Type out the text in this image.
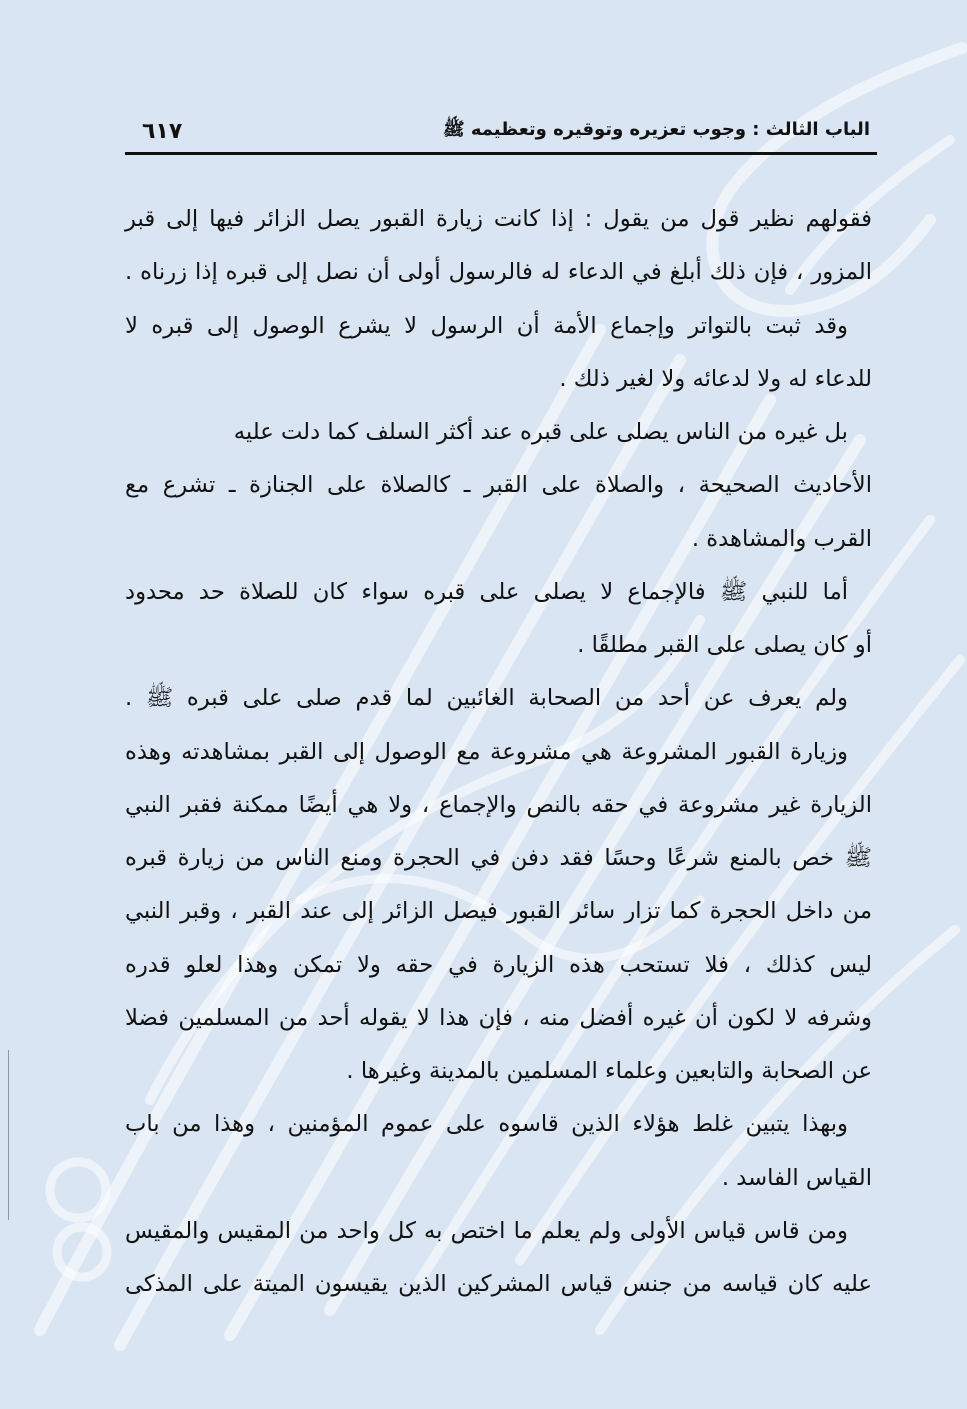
الباب الثالث : وجوب تعزيره وتوقيره وتعظيمه ﷺ
٦١٧
فقولهم نظير قول من يقول : إذا كانت زيارة القبور يصل الزائر فيها إلى قبر
المزور ، فإن ذلك أبلغ في الدعاء له فالرسول أولى أن نصل إلى قبره إذا زرناه .
وقد ثبت بالتواتر وإجماع الأمة أن الرسول لا يشرع الوصول إلى قبره لا
للدعاء له ولا لدعائه ولا لغير ذلك .
بل غيره من الناس يصلى على قبره عند أكثر السلف كما دلت عليه
الأحاديث الصحيحة ، والصلاة على القبر ـ كالصلاة على الجنازة ـ تشرع مع
القرب والمشاهدة .
أما للنبي ﷺ فالإجماع لا يصلى على قبره سواء كان للصلاة حد محدود
أو كان يصلى على القبر مطلقًا .
ولم يعرف عن أحد من الصحابة الغائبين لما قدم صلى على قبره ﷺ .
وزيارة القبور المشروعة هي مشروعة مع الوصول إلى القبر بمشاهدته وهذه
الزيارة غير مشروعة في حقه بالنص والإجماع ، ولا هي أيضًا ممكنة فقبر النبي
ﷺ خص بالمنع شرعًا وحسًا فقد دفن في الحجرة ومنع الناس من زيارة قبره
من داخل الحجرة كما تزار سائر القبور فيصل الزائر إلى عند القبر ، وقبر النبي
ليس كذلك ، فلا تستحب هذه الزيارة في حقه ولا تمكن وهذا لعلو قدره
وشرفه لا لكون أن غيره أفضل منه ، فإن هذا لا يقوله أحد من المسلمين فضلا
عن الصحابة والتابعين وعلماء المسلمين بالمدينة وغيرها .
وبهذا يتبين غلط هؤلاء الذين قاسوه على عموم المؤمنين ، وهذا من باب
القياس الفاسد .
ومن قاس قياس الأولى ولم يعلم ما اختص به كل واحد من المقيس والمقيس
عليه كان قياسه من جنس قياس المشركين الذين يقيسون الميتة على المذكى
